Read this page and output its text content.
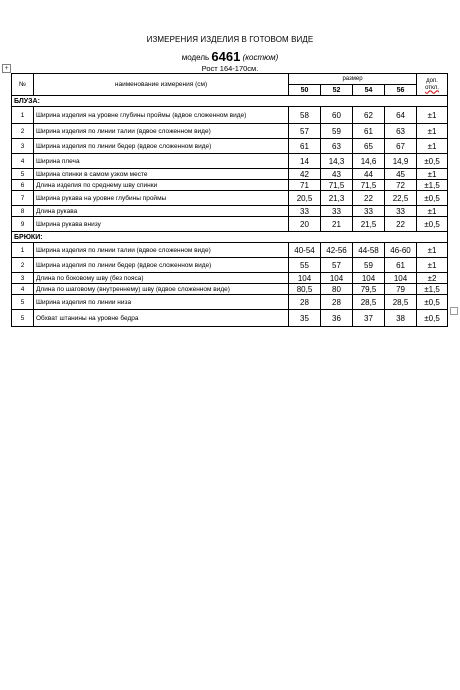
ИЗМЕРЕНИЯ ИЗДЕЛИЯ В ГОТОВОМ ВИДЕ
модель 6461 (костюм)
Рост 164-170см.
+
№	наименование измерения (см)	размер				доп.
откл.
		50	52	54	56	
БЛУЗА:						
1	Ширина изделия на уровне глубины проймы (вдвое сложенном виде)	58	60	62	64	±1
2	Ширина изделия по линии талии (вдвое сложенном виде)	57	59	61	63	±1
3	Ширина изделия по линии бедер (вдвое сложенном виде)	61	63	65	67	±1
4	Ширина плеча	14	14,3	14,6	14,9	±0,5
5	Ширина спинки в самом узком месте	42	43	44	45	±1
6	Длина изделия по среднему шву спинки	71	71,5	71,5	72	±1,5
7	Ширина рукава на уровне глубины проймы	20,5	21,3	22	22,5	±0,5
8	Длина рукава	33	33	33	33	±1
9	Ширина рукава внизу	20	21	21,5	22	±0,5
БРЮКИ:						
1	Ширина изделия по линии талии (вдвое сложенном виде)	40-54	42-56	44-58	46-60	±1
2	Ширина изделия по линии бедер (вдвое сложенном виде)	55	57	59	61	±1
3	Длина по боковому шву (без пояса)	104	104	104	104	±2
4	Длина по шаговому (внутреннему) шву (вдвое сложенном виде)	80,5	80	79,5	79	±1,5
5	Ширина изделия по линии низа	28	28	28,5	28,5	±0,5
5	Обхват штанины на уровне бедра	35	36	37	38	±0,5
